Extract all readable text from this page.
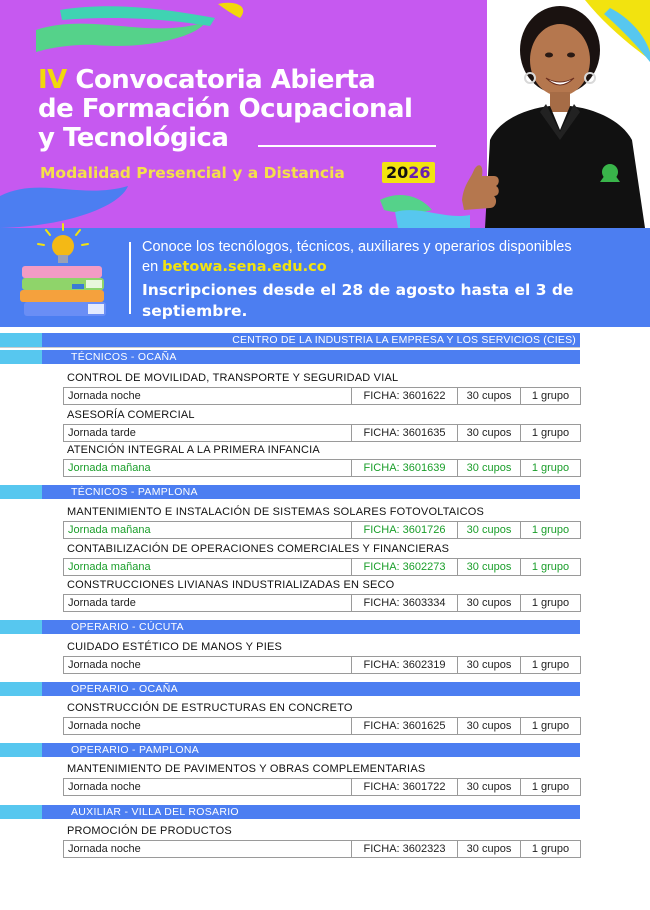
IV Convocatoria Abierta
de Formación Ocupacional
y Tecnológica
Modalidad Presencial y a Distancia	2026
Conoce los tecnólogos, técnicos, auxiliares y operarios disponibles
en betowa.sena.edu.co
Inscripciones desde el 28 de agosto hasta el 3 de septiembre.
CENTRO DE LA INDUSTRIA LA EMPRESA Y LOS SERVICIOS (CIES)
TÉCNICOS - OCAÑA
CONTROL DE MOVILIDAD, TRANSPORTE Y SEGURIDAD VIAL
Jornada noche	FICHA: 3601622	30 cupos	1 grupo
ASESORÍA COMERCIAL
Jornada tarde	FICHA: 3601635	30 cupos	1 grupo
ATENCIÓN INTEGRAL A LA PRIMERA INFANCIA
Jornada mañana	FICHA: 3601639	30 cupos	1 grupo
TÉCNICOS - PAMPLONA
MANTENIMIENTO E INSTALACIÓN DE SISTEMAS SOLARES FOTOVOLTAICOS
Jornada mañana	FICHA: 3601726	30 cupos	1 grupo
CONTABILIZACIÓN DE OPERACIONES COMERCIALES Y FINANCIERAS
Jornada mañana	FICHA: 3602273	30 cupos	1 grupo
CONSTRUCCIONES LIVIANAS INDUSTRIALIZADAS EN SECO
Jornada tarde	FICHA: 3603334	30 cupos	1 grupo
OPERARIO - CÚCUTA
CUIDADO ESTÉTICO DE MANOS Y PIES
Jornada noche	FICHA: 3602319	30 cupos	1 grupo
OPERARIO - OCAÑA
CONSTRUCCIÓN DE ESTRUCTURAS EN CONCRETO
Jornada noche	FICHA: 3601625	30 cupos	1 grupo
OPERARIO - PAMPLONA
MANTENIMIENTO DE PAVIMENTOS Y OBRAS COMPLEMENTARIAS
Jornada noche	FICHA: 3601722	30 cupos	1 grupo
AUXILIAR - VILLA DEL ROSARIO
PROMOCIÓN DE PRODUCTOS
Jornada noche	FICHA: 3602323	30 cupos	1 grupo
